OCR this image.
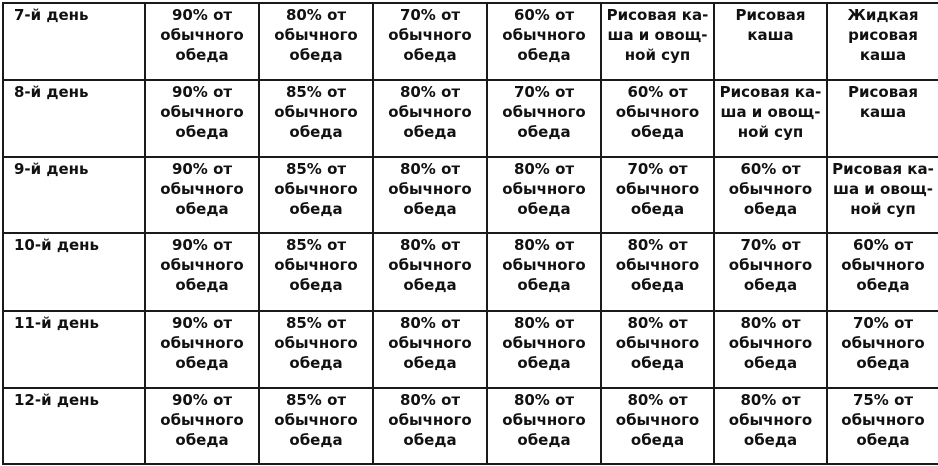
7-й день	90% от
обычного
обеда	80% от
обычного
обеда	70% от
обычного
обеда	60% от
обычного
обеда	Рисовая ка-
ша и овощ-
ной суп	Рисовая
каша	Жидкая
рисовая
каша
8-й день	90% от
обычного
обеда	85% от
обычного
обеда	80% от
обычного
обеда	70% от
обычного
обеда	60% от
обычного
обеда	Рисовая ка-
ша и овощ-
ной суп	Рисовая
каша
9-й день	90% от
обычного
обеда	85% от
обычного
обеда	80% от
обычного
обеда	80% от
обычного
обеда	70% от
обычного
обеда	60% от
обычного
обеда	Рисовая ка-
ша и овощ-
ной суп
10-й день	90% от
обычного
обеда	85% от
обычного
обеда	80% от
обычного
обеда	80% от
обычного
обеда	80% от
обычного
обеда	70% от
обычного
обеда	60% от
обычного
обеда
11-й день	90% от
обычного
обеда	85% от
обычного
обеда	80% от
обычного
обеда	80% от
обычного
обеда	80% от
обычного
обеда	80% от
обычного
обеда	70% от
обычного
обеда
12-й день	90% от
обычного
обеда	85% от
обычного
обеда	80% от
обычного
обеда	80% от
обычного
обеда	80% от
обычного
обеда	80% от
обычного
обеда	75% от
обычного
обеда
